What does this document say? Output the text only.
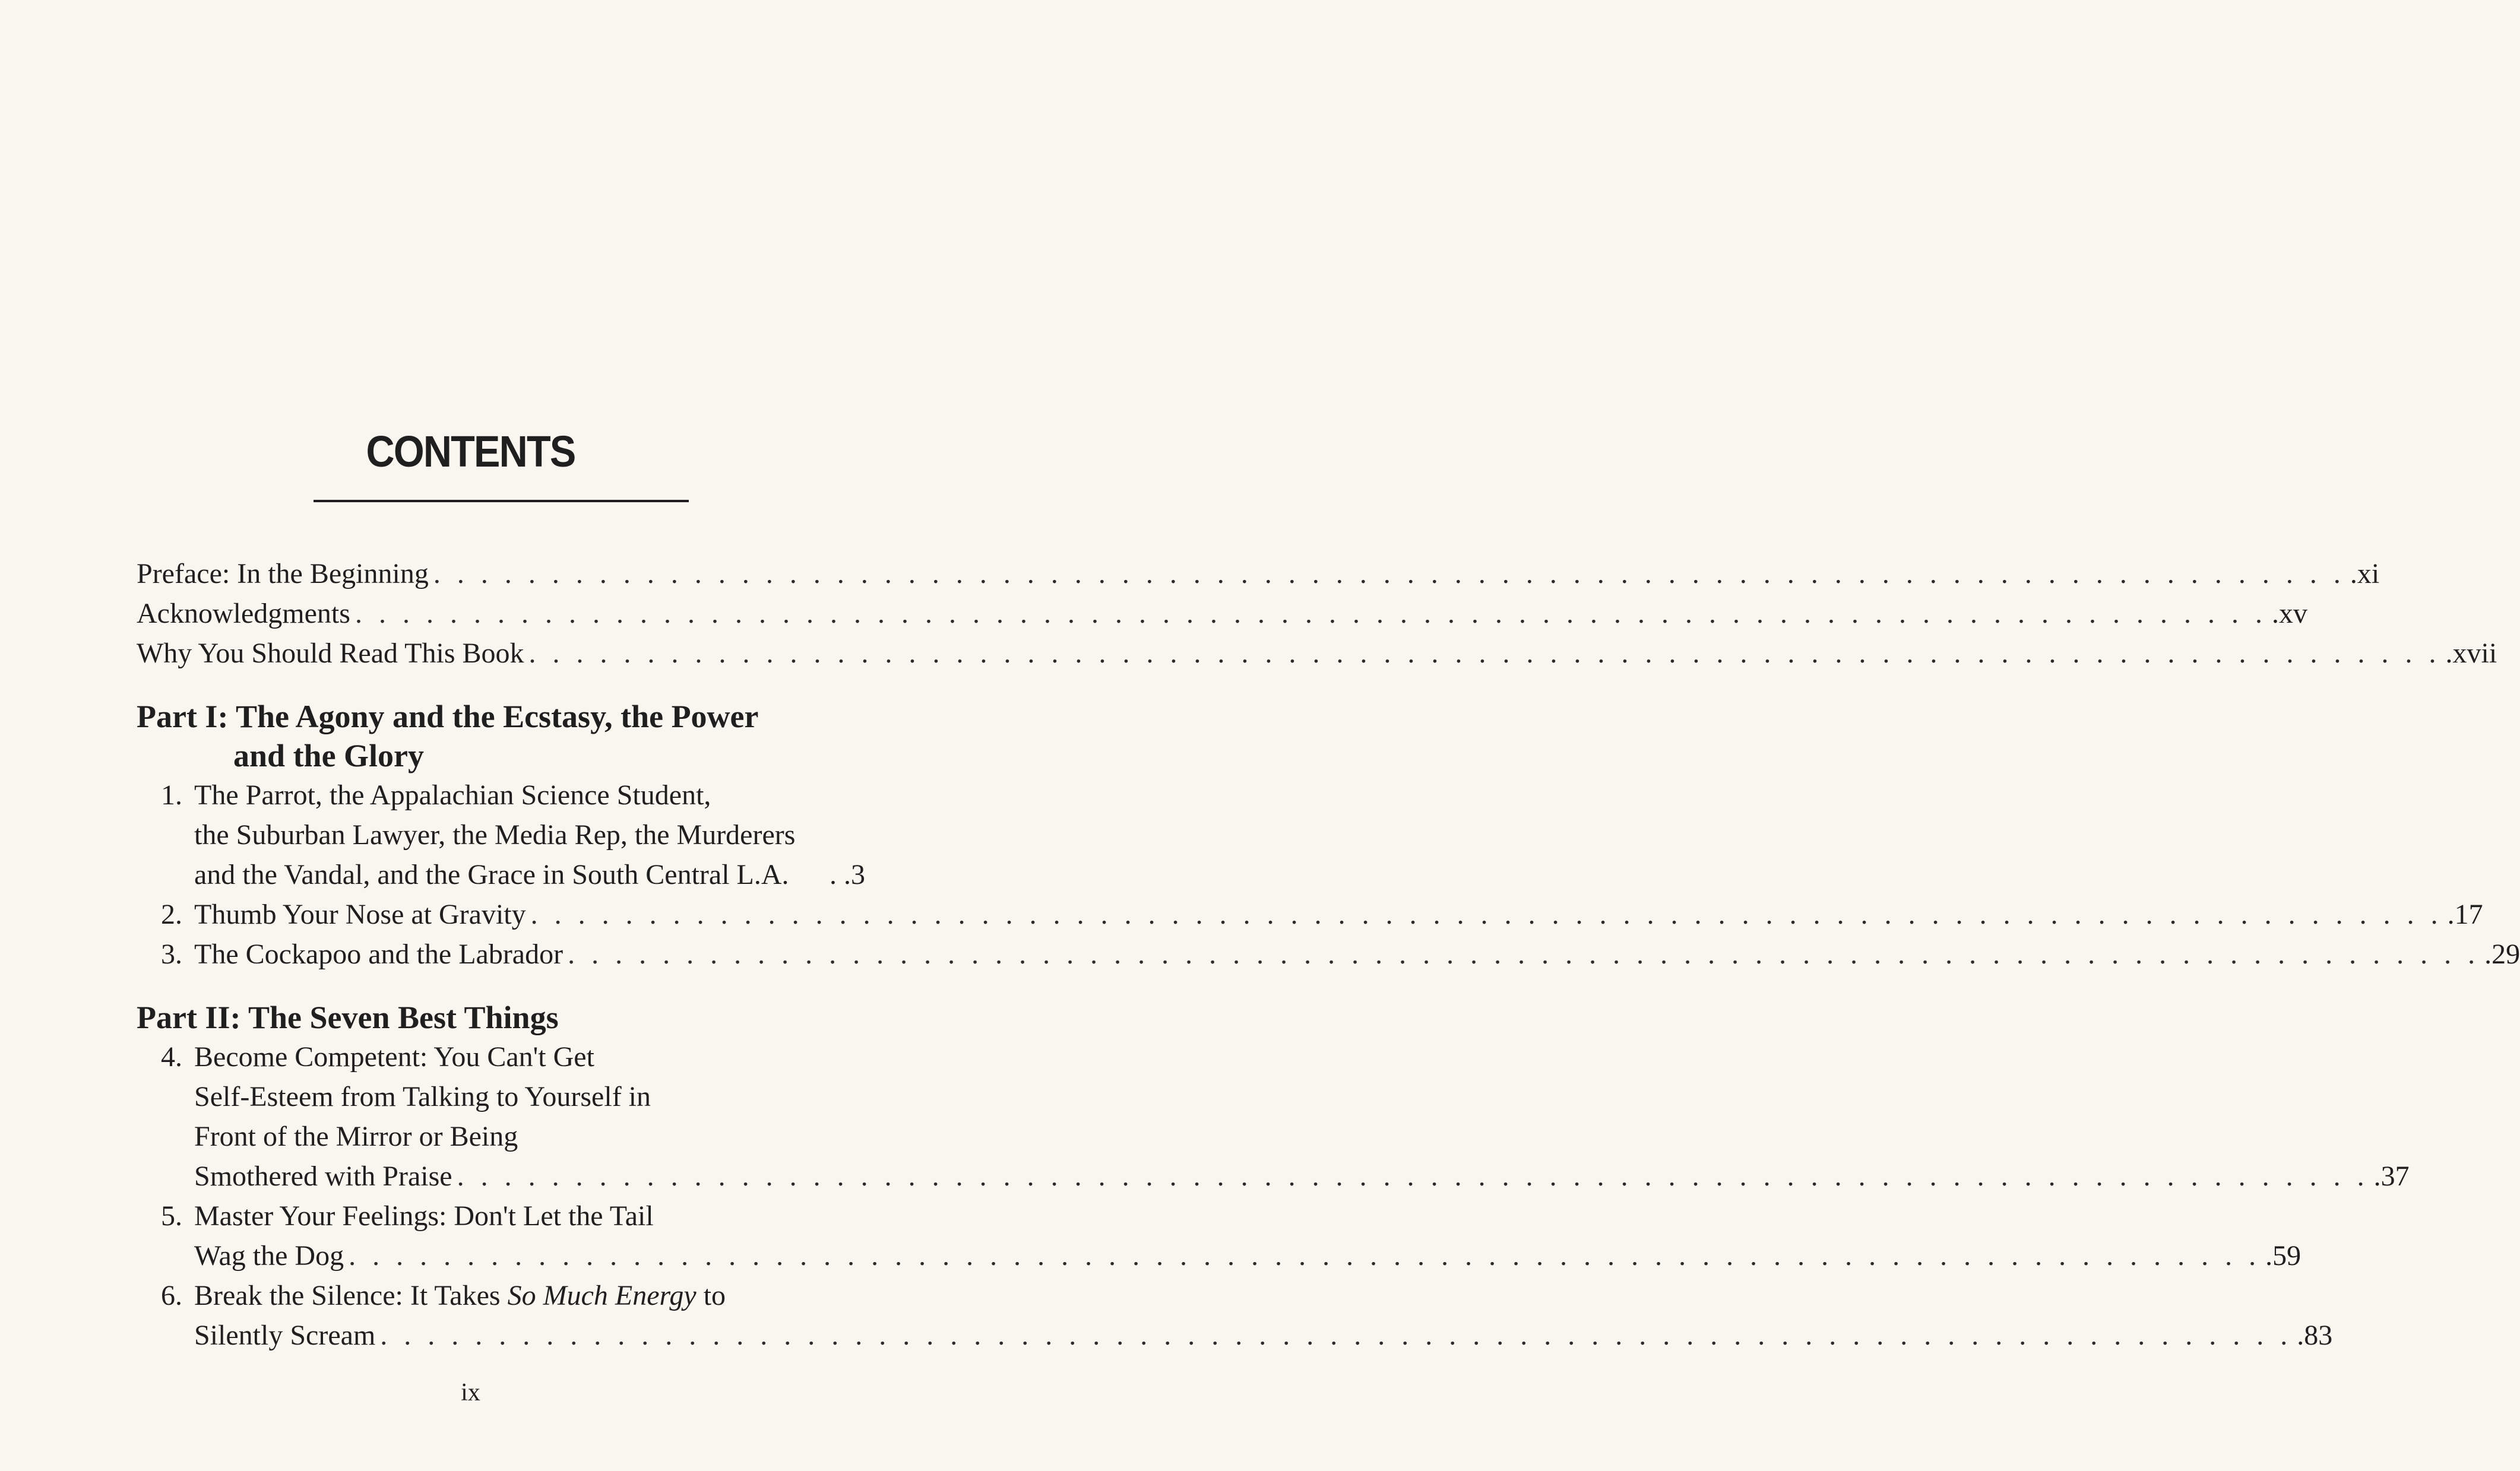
CONTENTS
Preface: In the Beginning . . .	.xi
Acknowledgments . . .	.xv
Why You Should Read This Book . . .	.xvii
Part I: The Agony and the Ecstasy, the Power
and the Glory
1. The Parrot, the Appalachian Science Student,
the Suburban Lawyer, the Media Rep, the Murderers
and the Vandal, and the Grace in South Central L.A. . .3
2. Thumb Your Nose at Gravity . . .	.17
3. The Cockapoo and the Labrador . . .	.29
Part II: The Seven Best Things
4. Become Competent: You Can't Get
Self-Esteem from Talking to Yourself in
Front of the Mirror or Being
Smothered with Praise . . .	.37
5. Master Your Feelings: Don't Let the Tail
Wag the Dog . . .	.59
6. Break the Silence: It Takes So Much Energy to
Silently Scream . . .	.83
ix
